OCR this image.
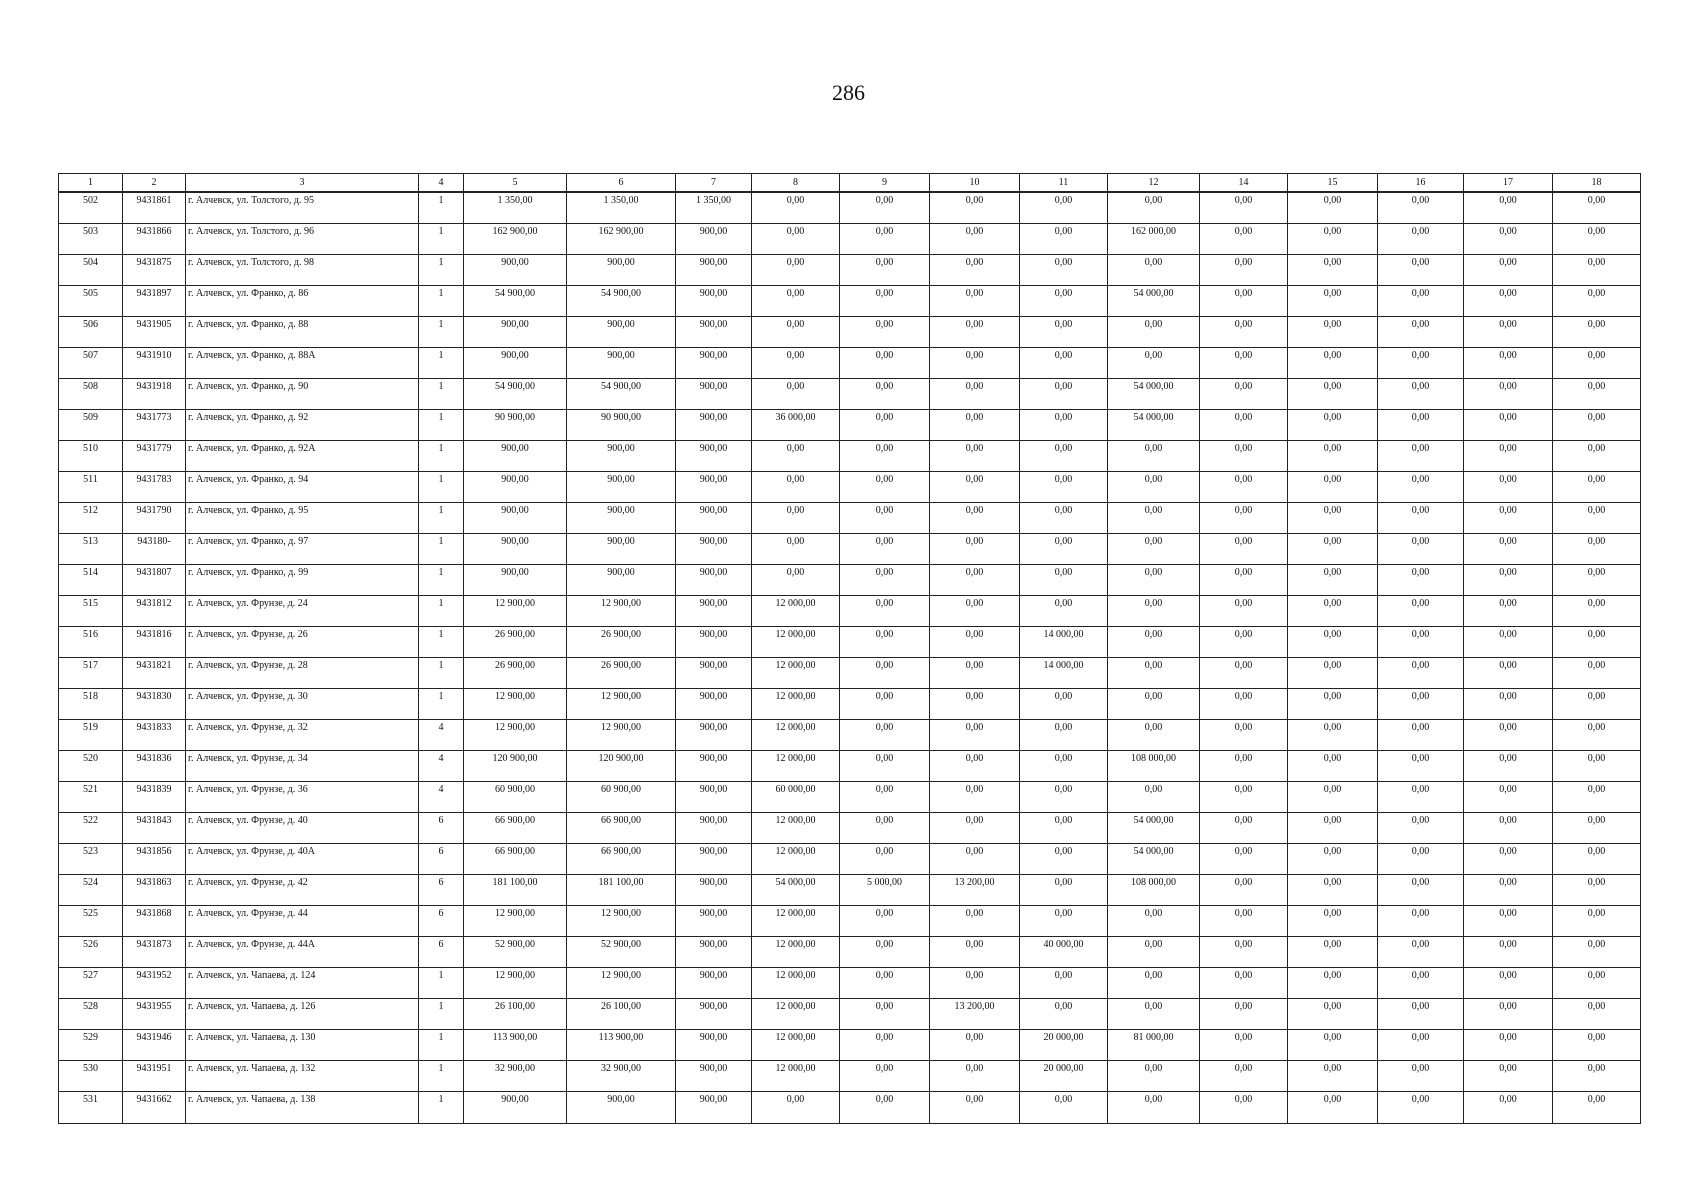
286
1	2	3	4	5	6	7	8	9	10	11	12	14	15	16	17	18
502	9431861	г. Алчевск, ул. Толстого, д. 95	1	1 350,00	1 350,00	1 350,00	0,00	0,00	0,00	0,00	0,00	0,00	0,00	0,00	0,00	0,00
503	9431866	г. Алчевск, ул. Толстого, д. 96	1	162 900,00	162 900,00	900,00	0,00	0,00	0,00	0,00	162 000,00	0,00	0,00	0,00	0,00	0,00
504	9431875	г. Алчевск, ул. Толстого, д. 98	1	900,00	900,00	900,00	0,00	0,00	0,00	0,00	0,00	0,00	0,00	0,00	0,00	0,00
505	9431897	г. Алчевск, ул. Франко, д. 86	1	54 900,00	54 900,00	900,00	0,00	0,00	0,00	0,00	54 000,00	0,00	0,00	0,00	0,00	0,00
506	9431905	г. Алчевск, ул. Франко, д. 88	1	900,00	900,00	900,00	0,00	0,00	0,00	0,00	0,00	0,00	0,00	0,00	0,00	0,00
507	9431910	г. Алчевск, ул. Франко, д. 88А	1	900,00	900,00	900,00	0,00	0,00	0,00	0,00	0,00	0,00	0,00	0,00	0,00	0,00
508	9431918	г. Алчевск, ул. Франко, д. 90	1	54 900,00	54 900,00	900,00	0,00	0,00	0,00	0,00	54 000,00	0,00	0,00	0,00	0,00	0,00
509	9431773	г. Алчевск, ул. Франко, д. 92	1	90 900,00	90 900,00	900,00	36 000,00	0,00	0,00	0,00	54 000,00	0,00	0,00	0,00	0,00	0,00
510	9431779	г. Алчевск, ул. Франко, д. 92А	1	900,00	900,00	900,00	0,00	0,00	0,00	0,00	0,00	0,00	0,00	0,00	0,00	0,00
511	9431783	г. Алчевск, ул. Франко, д. 94	1	900,00	900,00	900,00	0,00	0,00	0,00	0,00	0,00	0,00	0,00	0,00	0,00	0,00
512	9431790	г. Алчевск, ул. Франко, д. 95	1	900,00	900,00	900,00	0,00	0,00	0,00	0,00	0,00	0,00	0,00	0,00	0,00	0,00
513	943180-	г. Алчевск, ул. Франко, д. 97	1	900,00	900,00	900,00	0,00	0,00	0,00	0,00	0,00	0,00	0,00	0,00	0,00	0,00
514	9431807	г. Алчевск, ул. Франко, д. 99	1	900,00	900,00	900,00	0,00	0,00	0,00	0,00	0,00	0,00	0,00	0,00	0,00	0,00
515	9431812	г. Алчевск, ул. Фрунзе, д. 24	1	12 900,00	12 900,00	900,00	12 000,00	0,00	0,00	0,00	0,00	0,00	0,00	0,00	0,00	0,00
516	9431816	г. Алчевск, ул. Фрунзе, д. 26	1	26 900,00	26 900,00	900,00	12 000,00	0,00	0,00	14 000,00	0,00	0,00	0,00	0,00	0,00	0,00
517	9431821	г. Алчевск, ул. Фрунзе, д. 28	1	26 900,00	26 900,00	900,00	12 000,00	0,00	0,00	14 000,00	0,00	0,00	0,00	0,00	0,00	0,00
518	9431830	г. Алчевск, ул. Фрунзе, д. 30	1	12 900,00	12 900,00	900,00	12 000,00	0,00	0,00	0,00	0,00	0,00	0,00	0,00	0,00	0,00
519	9431833	г. Алчевск, ул. Фрунзе, д. 32	4	12 900,00	12 900,00	900,00	12 000,00	0,00	0,00	0,00	0,00	0,00	0,00	0,00	0,00	0,00
520	9431836	г. Алчевск, ул. Фрунзе, д. 34	4	120 900,00	120 900,00	900,00	12 000,00	0,00	0,00	0,00	108 000,00	0,00	0,00	0,00	0,00	0,00
521	9431839	г. Алчевск, ул. Фрунзе, д. 36	4	60 900,00	60 900,00	900,00	60 000,00	0,00	0,00	0,00	0,00	0,00	0,00	0,00	0,00	0,00
522	9431843	г. Алчевск, ул. Фрунзе, д. 40	6	66 900,00	66 900,00	900,00	12 000,00	0,00	0,00	0,00	54 000,00	0,00	0,00	0,00	0,00	0,00
523	9431856	г. Алчевск, ул. Фрунзе, д. 40А	6	66 900,00	66 900,00	900,00	12 000,00	0,00	0,00	0,00	54 000,00	0,00	0,00	0,00	0,00	0,00
524	9431863	г. Алчевск, ул. Фрунзе, д. 42	6	181 100,00	181 100,00	900,00	54 000,00	5 000,00	13 200,00	0,00	108 000,00	0,00	0,00	0,00	0,00	0,00
525	9431868	г. Алчевск, ул. Фрунзе, д. 44	6	12 900,00	12 900,00	900,00	12 000,00	0,00	0,00	0,00	0,00	0,00	0,00	0,00	0,00	0,00
526	9431873	г. Алчевск, ул. Фрунзе, д. 44А	6	52 900,00	52 900,00	900,00	12 000,00	0,00	0,00	40 000,00	0,00	0,00	0,00	0,00	0,00	0,00
527	9431952	г. Алчевск, ул. Чапаева, д. 124	1	12 900,00	12 900,00	900,00	12 000,00	0,00	0,00	0,00	0,00	0,00	0,00	0,00	0,00	0,00
528	9431955	г. Алчевск, ул. Чапаева, д. 126	1	26 100,00	26 100,00	900,00	12 000,00	0,00	13 200,00	0,00	0,00	0,00	0,00	0,00	0,00	0,00
529	9431946	г. Алчевск, ул. Чапаева, д. 130	1	113 900,00	113 900,00	900,00	12 000,00	0,00	0,00	20 000,00	81 000,00	0,00	0,00	0,00	0,00	0,00
530	9431951	г. Алчевск, ул. Чапаева, д. 132	1	32 900,00	32 900,00	900,00	12 000,00	0,00	0,00	20 000,00	0,00	0,00	0,00	0,00	0,00	0,00
531	9431662	г. Алчевск, ул. Чапаева, д. 138	1	900,00	900,00	900,00	0,00	0,00	0,00	0,00	0,00	0,00	0,00	0,00	0,00	0,00
